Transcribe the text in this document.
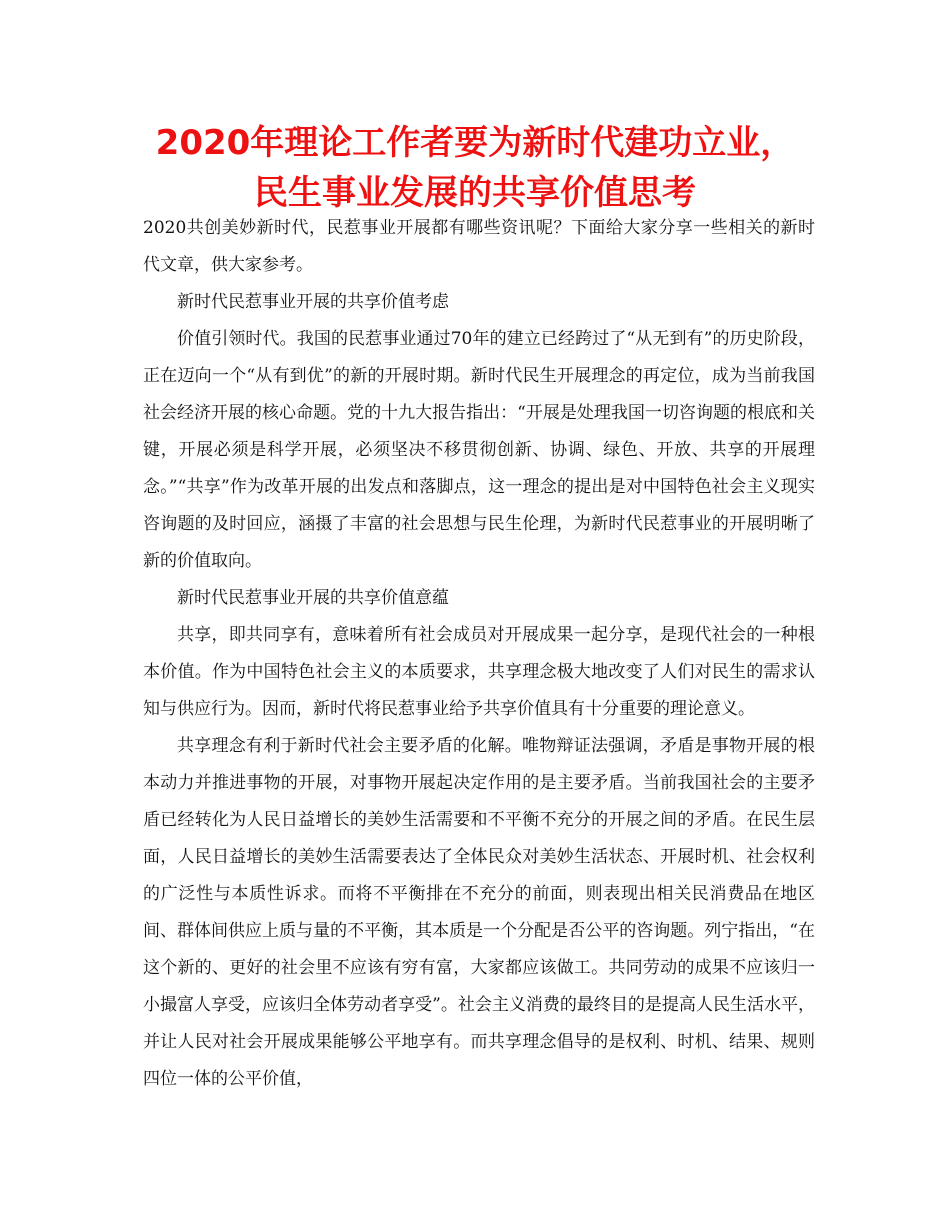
2020年理论工作者要为新时代建功立业，
民生事业发展的共享价值思考

2020共创美妙新时代，民惹事业开展都有哪些资讯呢？下面给大家分享一些相关的新时代文章，供大家参考。

新时代民惹事业开展的共享价值考虑

价值引领时代。我国的民惹事业通过70年的建立已经跨过了“从无到有”的历史阶段，正在迈向一个“从有到优”的新的开展时期。新时代民生开展理念的再定位，成为当前我国社会经济开展的核心命题。党的十九大报告指出：“开展是处理我国一切咨询题的根底和关键，开展必须是科学开展，必须坚决不移贯彻创新、协调、绿色、开放、共享的开展理念。”“共享”作为改革开展的出发点和落脚点，这一理念的提出是对中国特色社会主义现实咨询题的及时回应，涵摄了丰富的社会思想与民生伦理，为新时代民惹事业的开展明晰了新的价值取向。

新时代民惹事业开展的共享价值意蕴

共享，即共同享有，意味着所有社会成员对开展成果一起分享，是现代社会的一种根本价值。作为中国特色社会主义的本质要求，共享理念极大地改变了人们对民生的需求认知与供应行为。因而，新时代将民惹事业给予共享价值具有十分重要的理论意义。

共享理念有利于新时代社会主要矛盾的化解。唯物辩证法强调，矛盾是事物开展的根本动力并推进事物的开展，对事物开展起决定作用的是主要矛盾。当前我国社会的主要矛盾已经转化为人民日益增长的美妙生活需要和不平衡不充分的开展之间的矛盾。在民生层面，人民日益增长的美妙生活需要表达了全体民众对美妙生活状态、开展时机、社会权利的广泛性与本质性诉求。而将不平衡排在不充分的前面，则表现出相关民消费品在地区间、群体间供应上质与量的不平衡，其本质是一个分配是否公平的咨询题。列宁指出，“在这个新的、更好的社会里不应该有穷有富，大家都应该做工。共同劳动的成果不应该归一小撮富人享受，应该归全体劳动者享受”。社会主义消费的最终目的是提高人民生活水平，并让人民对社会开展成果能够公平地享有。而共享理念倡导的是权利、时机、结果、规则四位一体的公平价值，
